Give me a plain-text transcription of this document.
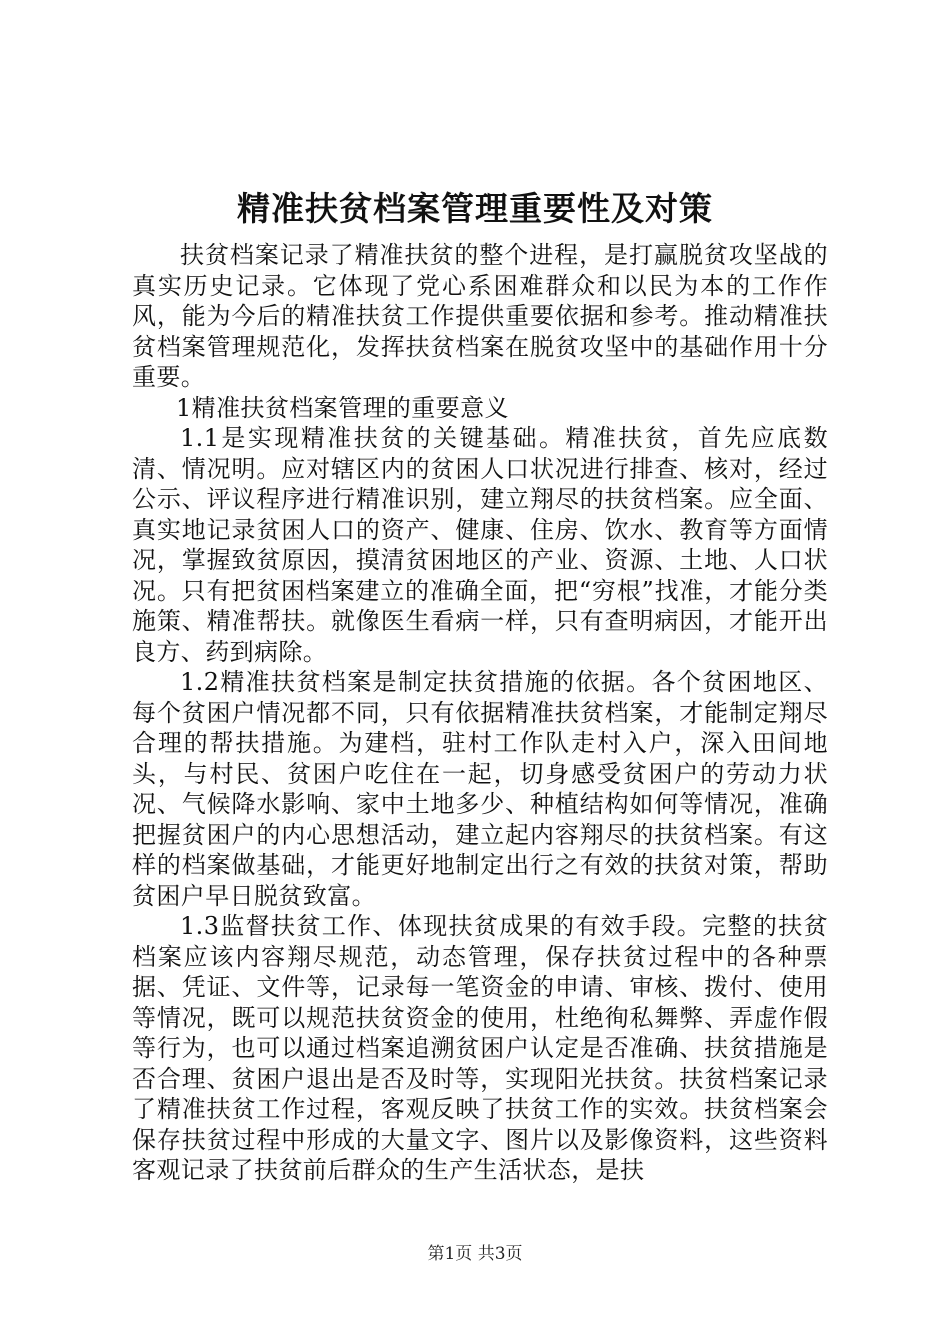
精准扶贫档案管理重要性及对策

扶贫档案记录了精准扶贫的整个进程，是打赢脱贫攻坚战的真实历史记录。它体现了党心系困难群众和以民为本的工作作风，能为今后的精准扶贫工作提供重要依据和参考。推动精准扶贫档案管理规范化，发挥扶贫档案在脱贫攻坚中的基础作用十分重要。

1精准扶贫档案管理的重要意义

1.1是实现精准扶贫的关键基础。精准扶贫，首先应底数清、情况明。应对辖区内的贫困人口状况进行排查、核对，经过公示、评议程序进行精准识别，建立翔尽的扶贫档案。应全面、真实地记录贫困人口的资产、健康、住房、饮水、教育等方面情况，掌握致贫原因，摸清贫困地区的产业、资源、土地、人口状况。只有把贫困档案建立的准确全面，把“穷根”找准，才能分类施策、精准帮扶。就像医生看病一样，只有查明病因，才能开出良方、药到病除。

1.2精准扶贫档案是制定扶贫措施的依据。各个贫困地区、每个贫困户情况都不同，只有依据精准扶贫档案，才能制定翔尽合理的帮扶措施。为建档，驻村工作队走村入户，深入田间地头，与村民、贫困户吃住在一起，切身感受贫困户的劳动力状况、气候降水影响、家中土地多少、种植结构如何等情况，准确把握贫困户的内心思想活动，建立起内容翔尽的扶贫档案。有这样的档案做基础，才能更好地制定出行之有效的扶贫对策，帮助贫困户早日脱贫致富。

1.3监督扶贫工作、体现扶贫成果的有效手段。完整的扶贫档案应该内容翔尽规范，动态管理，保存扶贫过程中的各种票据、凭证、文件等，记录每一笔资金的申请、审核、拨付、使用等情况，既可以规范扶贫资金的使用，杜绝徇私舞弊、弄虚作假等行为，也可以通过档案追溯贫困户认定是否准确、扶贫措施是否合理、贫困户退出是否及时等，实现阳光扶贫。扶贫档案记录了精准扶贫工作过程，客观反映了扶贫工作的实效。扶贫档案会保存扶贫过程中形成的大量文字、图片以及影像资料，这些资料客观记录了扶贫前后群众的生产生活状态，是扶

第1页 共3页
